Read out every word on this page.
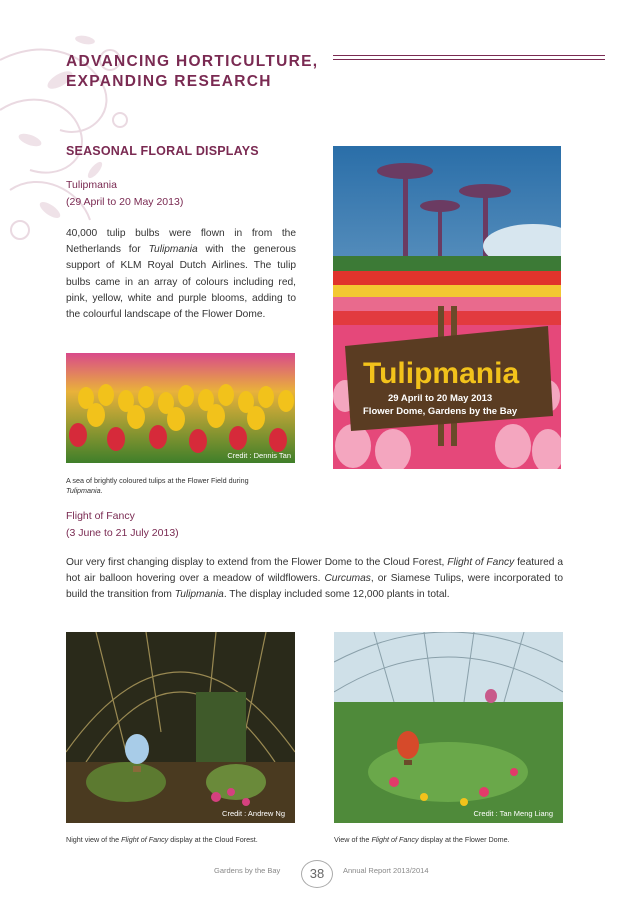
ADVANCING HORTICULTURE,
EXPANDING RESEARCH
SEASONAL FLORAL DISPLAYS
Tulipmania
(29 April to 20 May 2013)
40,000 tulip bulbs were flown in from the Netherlands for Tulipmania with the generous support of KLM Royal Dutch Airlines. The tulip bulbs came in an array of colours including red, pink, yellow, white and purple blooms, adding to the colourful landscape of the Flower Dome.
Credit : Dennis Tan
A sea of brightly coloured tulips at the Flower Field during Tulipmania.
Tulipmania
29 April to 20 May 2013
Flower Dome, Gardens by the Bay
Flight of Fancy
(3 June to 21 July 2013)
Our very first changing display to extend from the Flower Dome to the Cloud Forest, Flight of Fancy featured a hot air balloon hovering over a meadow of wildflowers. Curcumas, or Siamese Tulips, were incorporated to build the transition from Tulipmania. The display included some 12,000 plants in total.
Credit : Andrew Ng	Credit : Tan Meng Liang
Night view of the Flight of Fancy display at the Cloud Forest.	View of the Flight of Fancy display at the Flower Dome.
Gardens by the Bay	38	Annual Report 2013/2014
